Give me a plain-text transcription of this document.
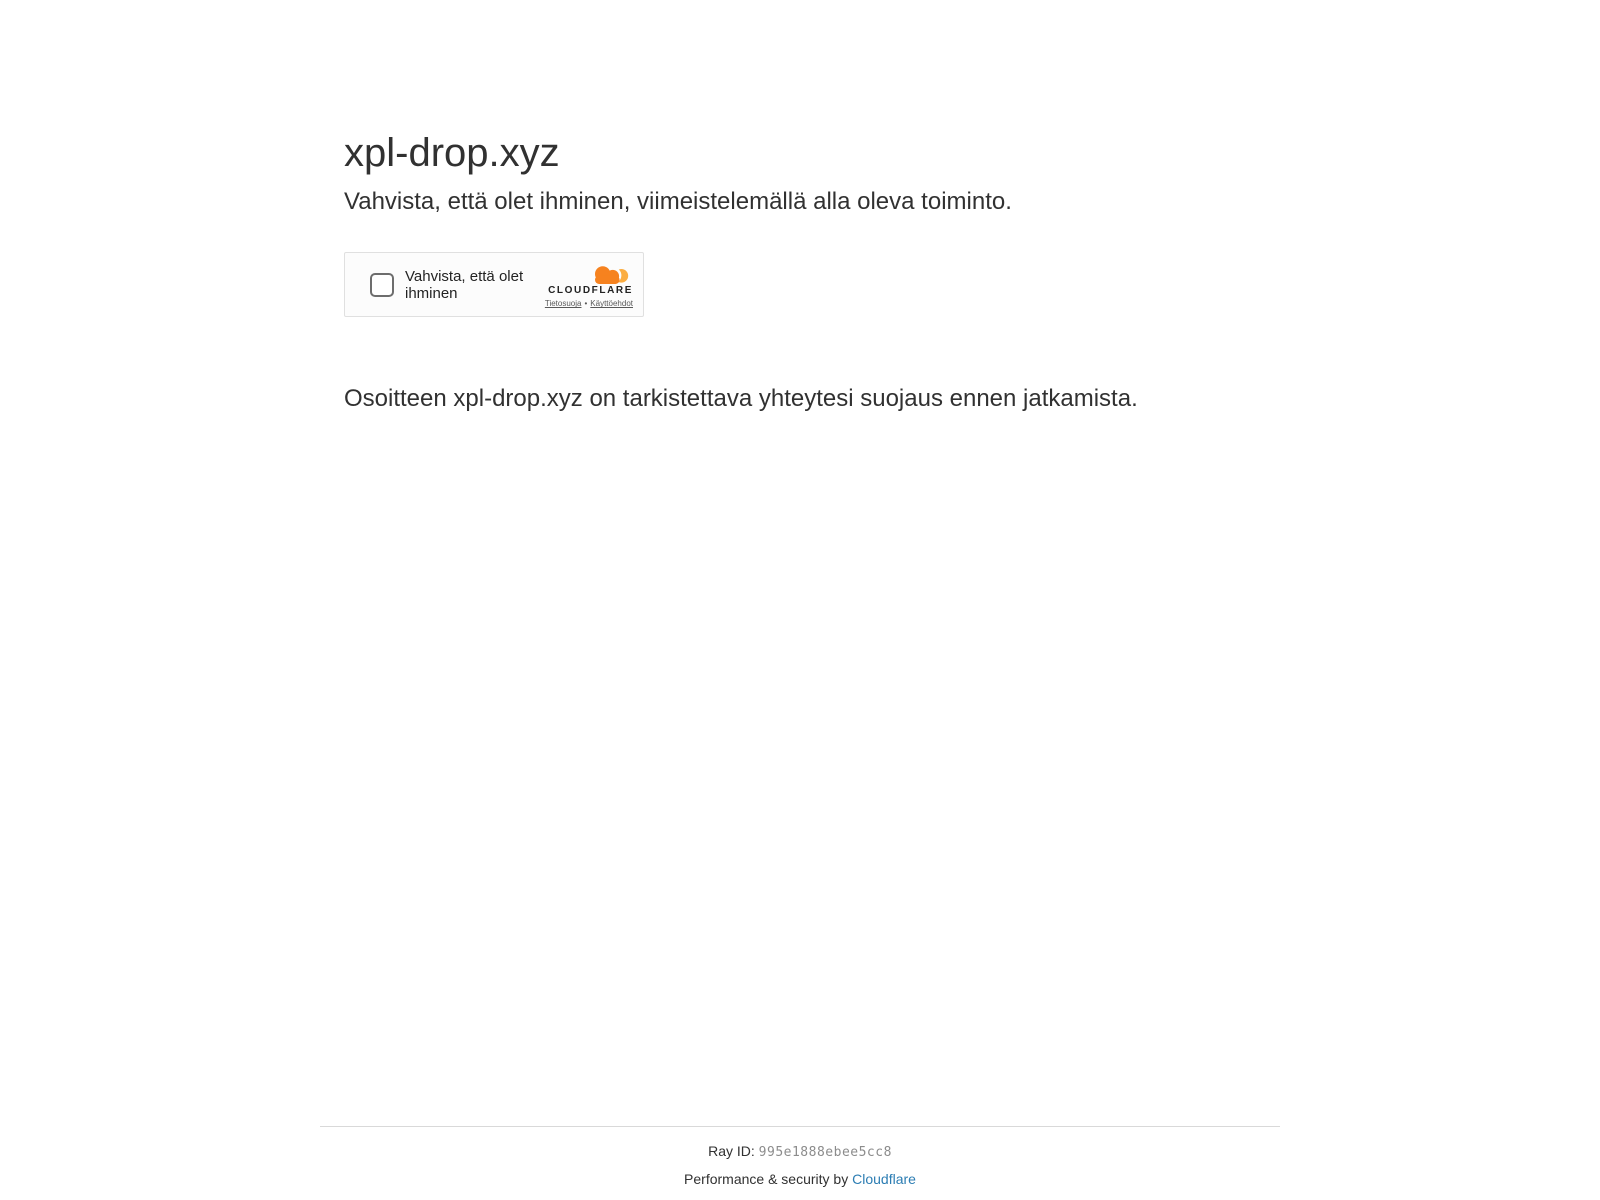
xpl-drop.xyz
Vahvista, että olet ihminen, viimeistelemällä alla oleva toiminto.
Vahvista, että olet ihminen	CLOUDFLARE
Tietosuoja • Käyttöehdot

Osoitteen xpl-drop.xyz on tarkistettava yhteytesi suojaus ennen jatkamista.

Ray ID: 995e1888ebee5cc8
Performance & security by Cloudflare
